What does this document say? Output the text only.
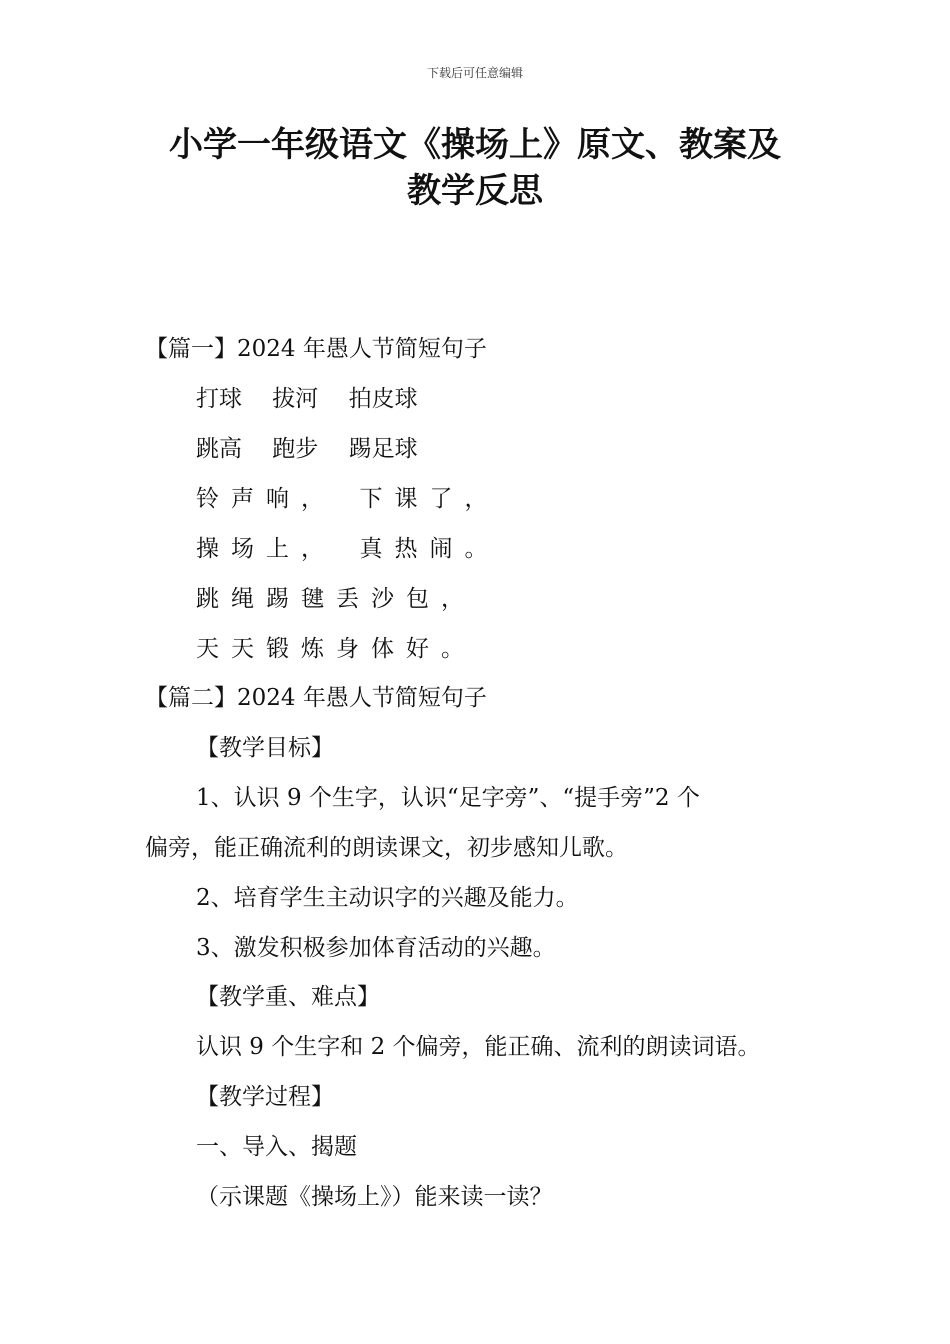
下载后可任意编辑
小学一年级语文《操场上》原文、教案及
教学反思
【篇一】2024 年愚人节简短句子
打球　 拔河　 拍皮球
跳高　 跑步　 踢足球
铃声响，　下课了，
操场上，　真热闹。
跳绳踢毽丢沙包，
天天锻炼身体好。
【篇二】2024 年愚人节简短句子
【教学目标】
1、认识 9 个生字，认识“足字旁”、“提手旁”2 个
偏旁，能正确流利的朗读课文，初步感知儿歌。
2、培育学生主动识字的兴趣及能力。
3、激发积极参加体育活动的兴趣。
【教学重、难点】
认识 9 个生字和 2 个偏旁，能正确、流利的朗读词语。
【教学过程】
一、导入、揭题
（示课题《操场上》）能来读一读？
